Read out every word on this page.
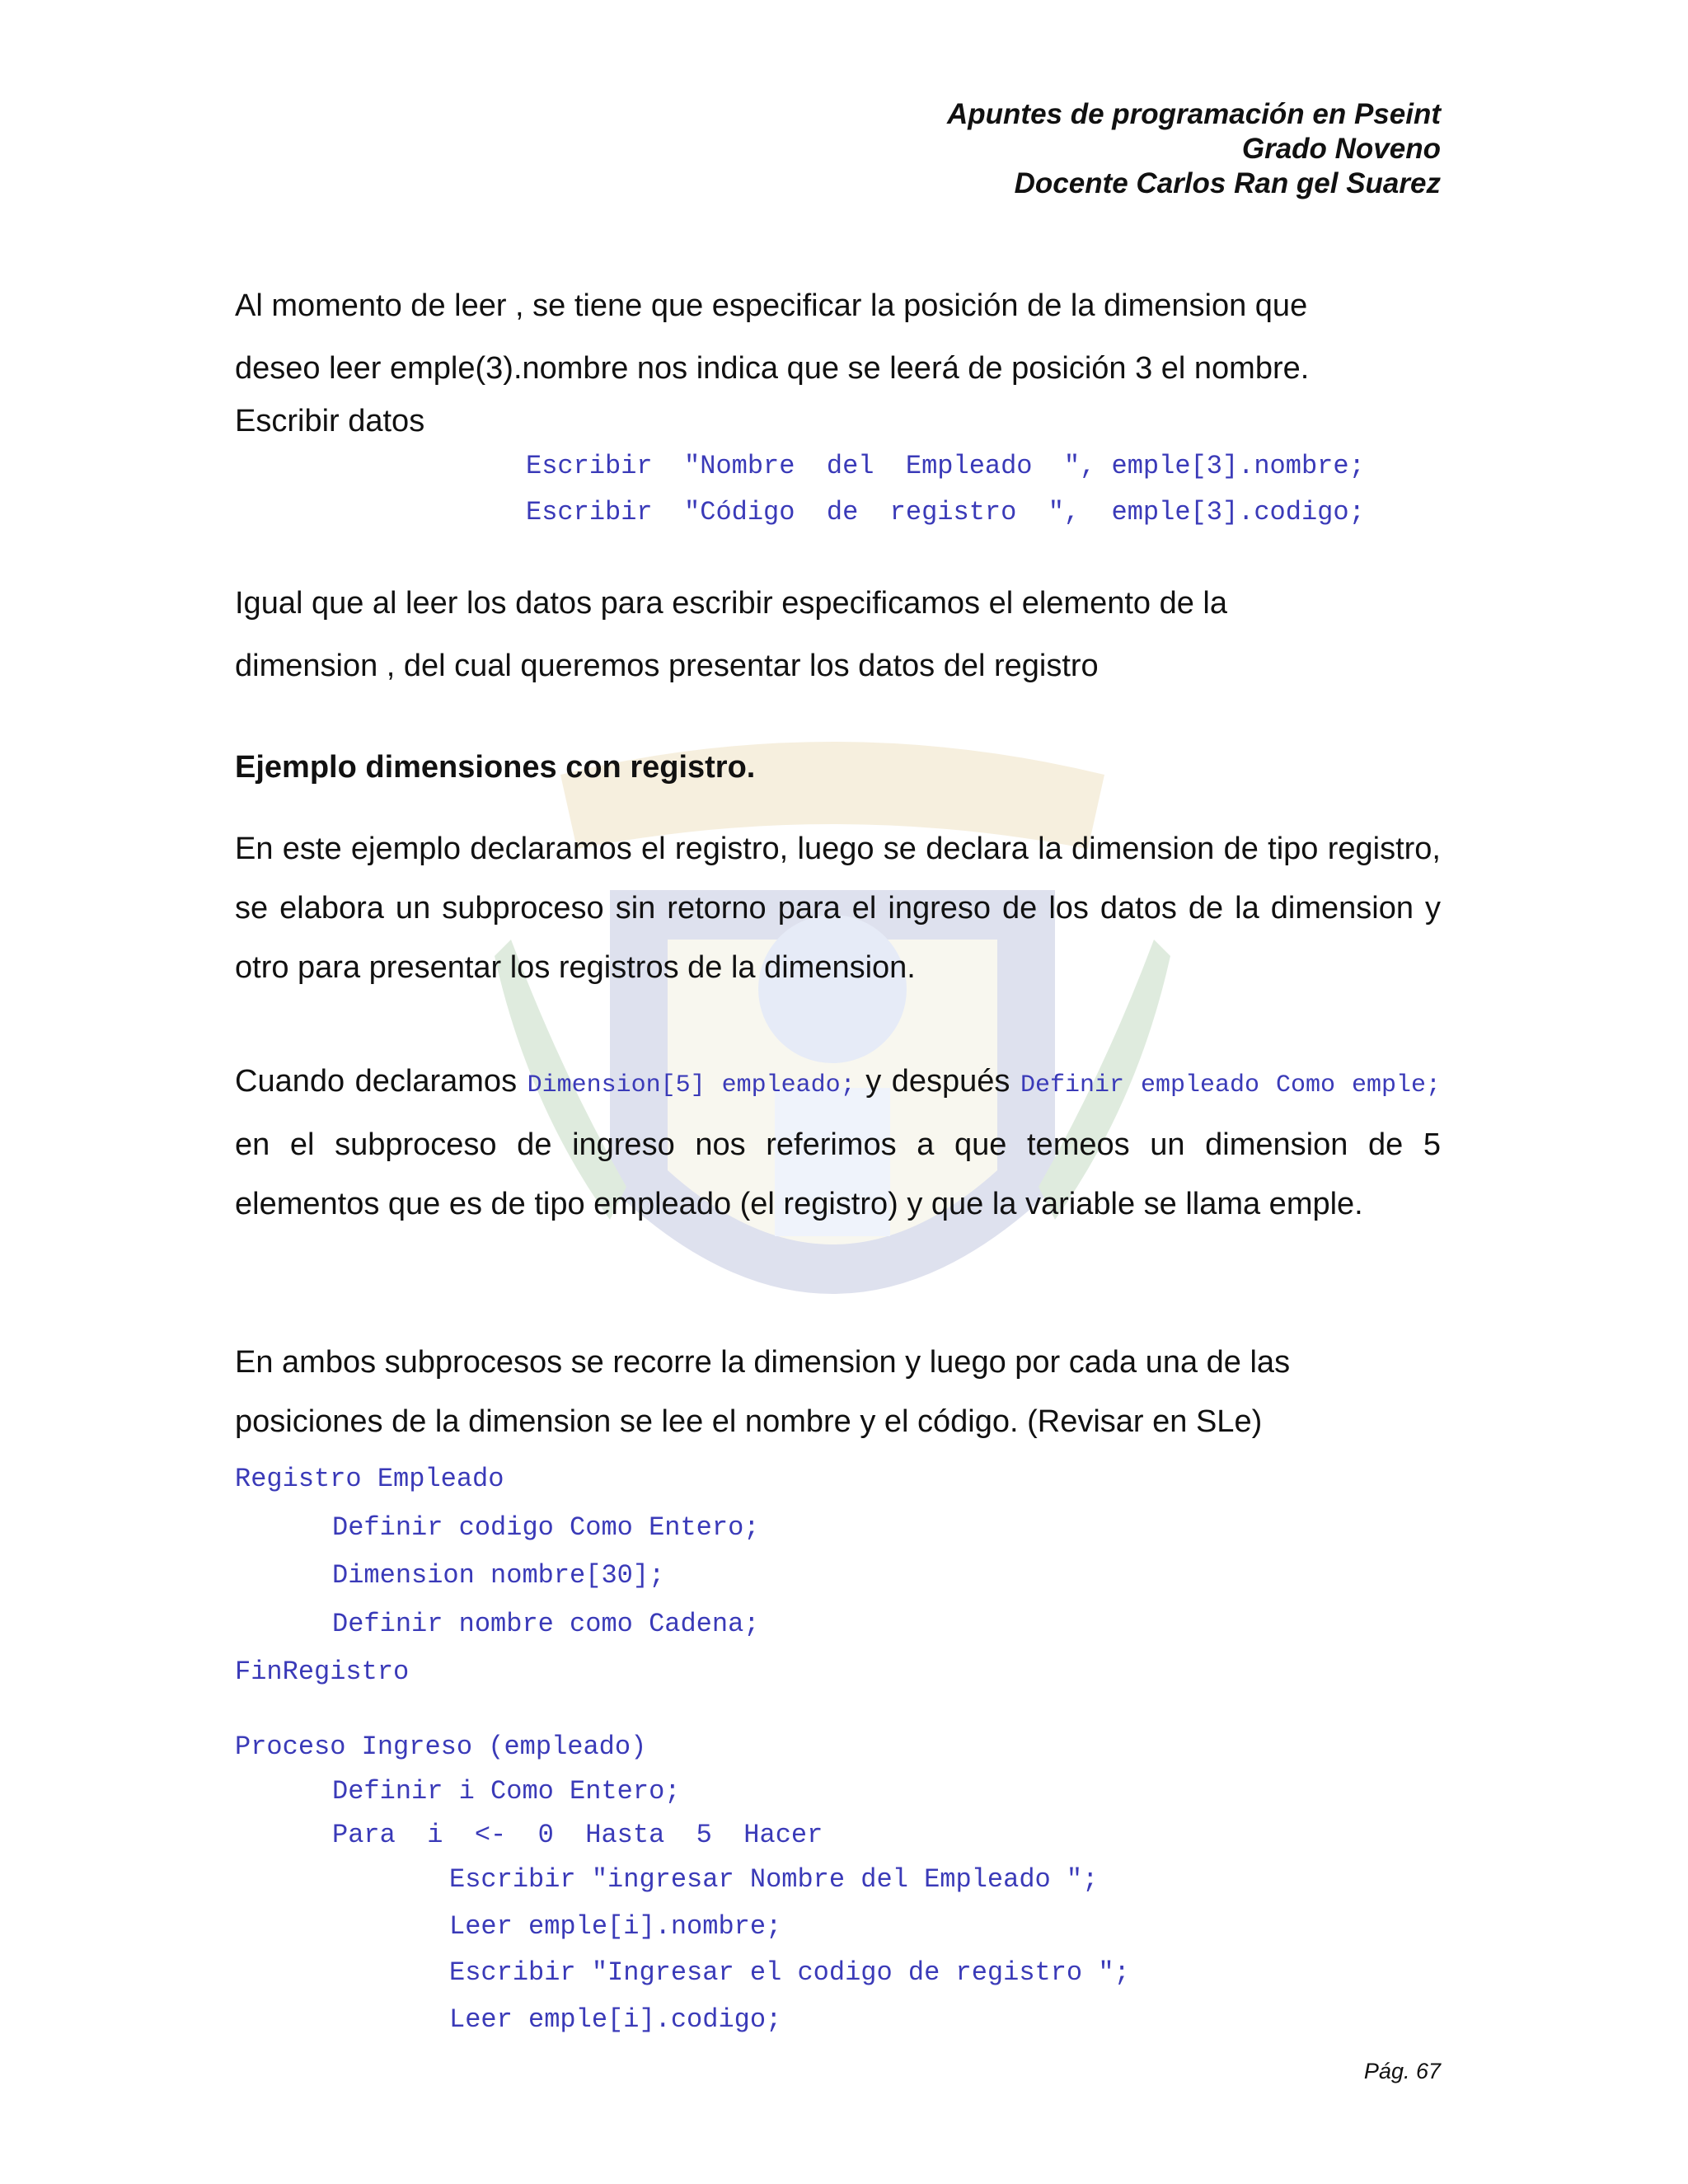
Apuntes de programación en Pseint
Grado Noveno
Docente Carlos Ran gel Suarez
Al momento de leer , se tiene que especificar la posición de la dimension que
deseo leer emple(3).nombre nos indica que se leerá de posición 3 el nombre.
Escribir datos
Escribir  "Nombre  del  Empleado  ", emple[3].nombre;
Escribir  "Código  de  registro  ",  emple[3].codigo;
Igual que al leer los datos para escribir especificamos el elemento de la
dimension , del cual queremos presentar los datos del registro
Ejemplo dimensiones con registro.

En este ejemplo declaramos el registro, luego se declara la dimension de tipo registro, se elabora un subproceso sin retorno para el ingreso de los datos de la dimension y otro para presentar los registros de la dimension.

Cuando declaramos Dimension[5] empleado; y después Definir empleado Como emple; en el subproceso de ingreso nos referimos a que temeos un dimension de 5 elementos que es de tipo empleado (el registro) y que la variable se llama emple.

En ambos subprocesos se recorre la dimension y luego por cada una de las
posiciones de la dimension se lee el nombre y el código. (Revisar en SLe)
Registro Empleado
Definir codigo Como Entero;
Dimension nombre[30];
Definir nombre como Cadena;
FinRegistro
Proceso Ingreso (empleado)
Definir i Como Entero;
Para  i  <-  0  Hasta  5  Hacer
Escribir "ingresar Nombre del Empleado ";
Leer emple[i].nombre;
Escribir "Ingresar el codigo de registro ";
Leer emple[i].codigo;
Pág. 67
